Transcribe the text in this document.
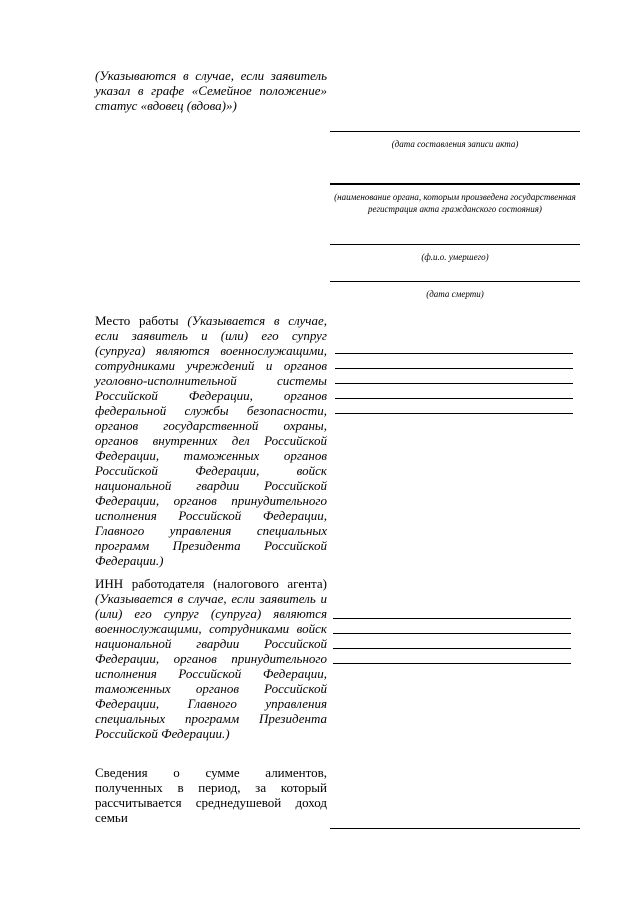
(Указываются в случае, если заявитель указал в графе «Семейное положение» статус «вдовец (вдова)»)
(дата составления записи акта)
(наименование органа, которым произведена государственная регистрация акта гражданского состояния)
(ф.и.о. умершего)
(дата смерти)
Место работы (Указывается в случае, если заявитель и (или) его супруг (супруга) являются военнослужащими, сотрудниками учреждений и органов уголовно-исполнительной системы Российской Федерации, органов федеральной службы безопасности, органов государственной охраны, органов внутренних дел Российской Федерации, таможенных органов Российской Федерации, войск национальной гвардии Российской Федерации, органов принудительного исполнения Российской Федерации, Главного управления специальных программ Президента Российской Федерации.)
ИНН работодателя (налогового агента) (Указывается в случае, если заявитель и (или) его супруг (супруга) являются военнослужащими, сотрудниками войск национальной гвардии Российской Федерации, органов принудительного исполнения Российской Федерации, таможенных органов Российской Федерации, Главного управления специальных программ Президента Российской Федерации.)
Сведения о сумме алиментов, полученных в период, за который рассчитывается среднедушевой доход семьи
